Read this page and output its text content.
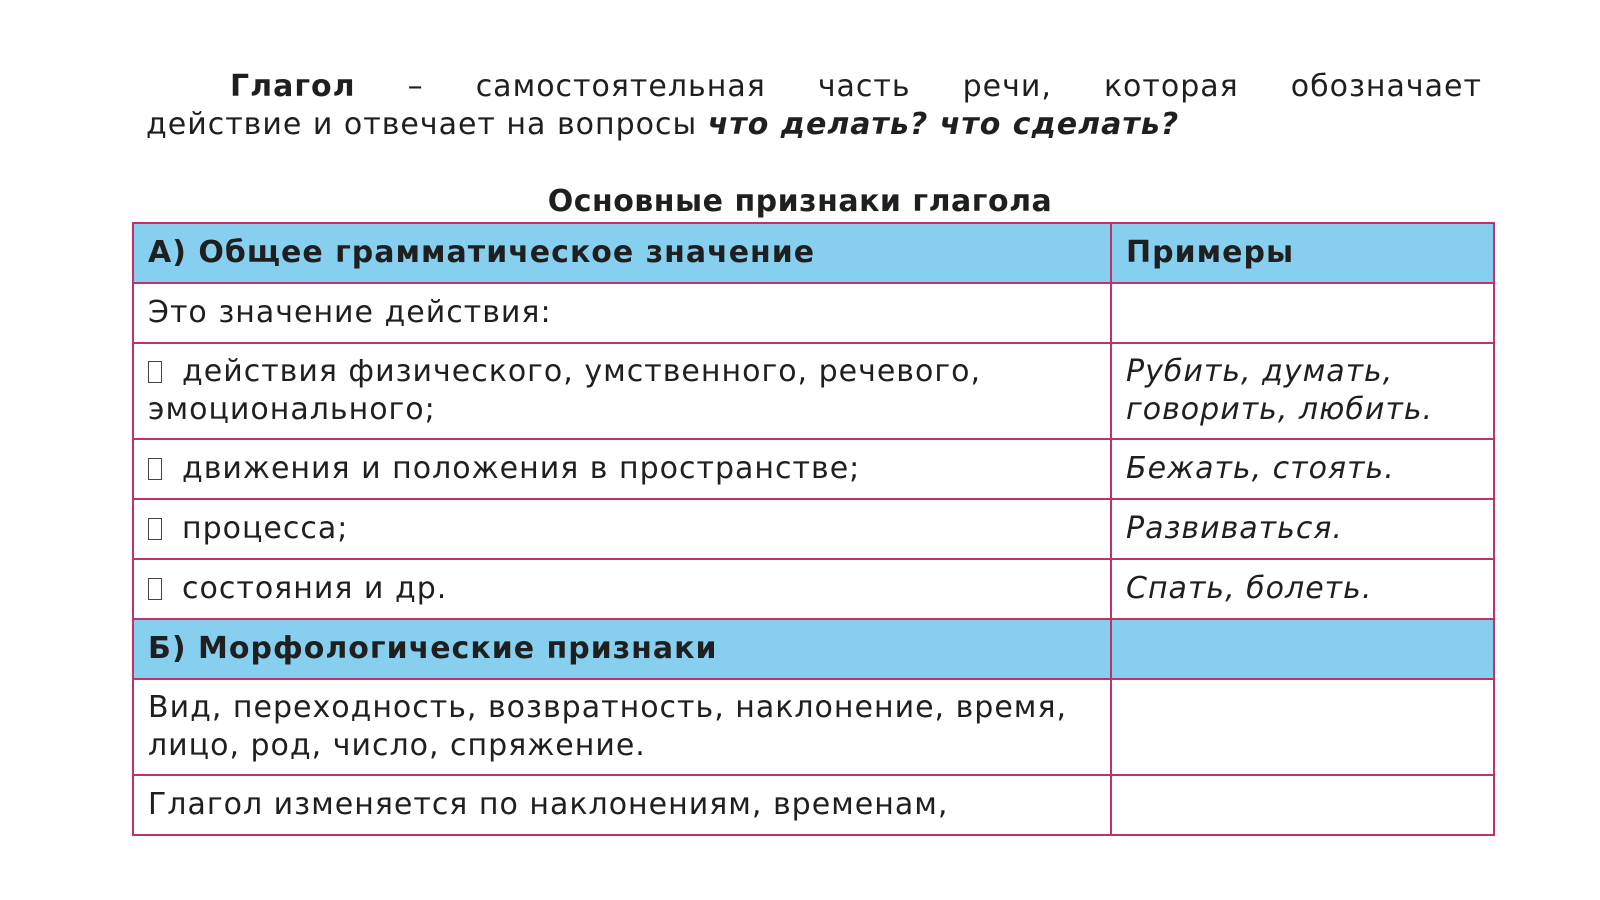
Глагол – самостоятельная часть речи, которая обозначает
действие и отвечает на вопросы что делать? что сделать?
Основные признаки глагола
А) Общее грамматическое значение	Примеры
Это значение действия:	
действия физического, умственного, речевого, эмоционального;	Рубить, думать, говорить, любить.
движения и положения в пространстве;	Бежать, стоять.
процесса;	Развиваться.
состояния и др.	Спать, болеть.
Б) Морфологические признаки	
Вид, переходность, возвратность, наклонение, время, лицо, род, число, спряжение.	
Глагол изменяется по наклонениям, временам,	
